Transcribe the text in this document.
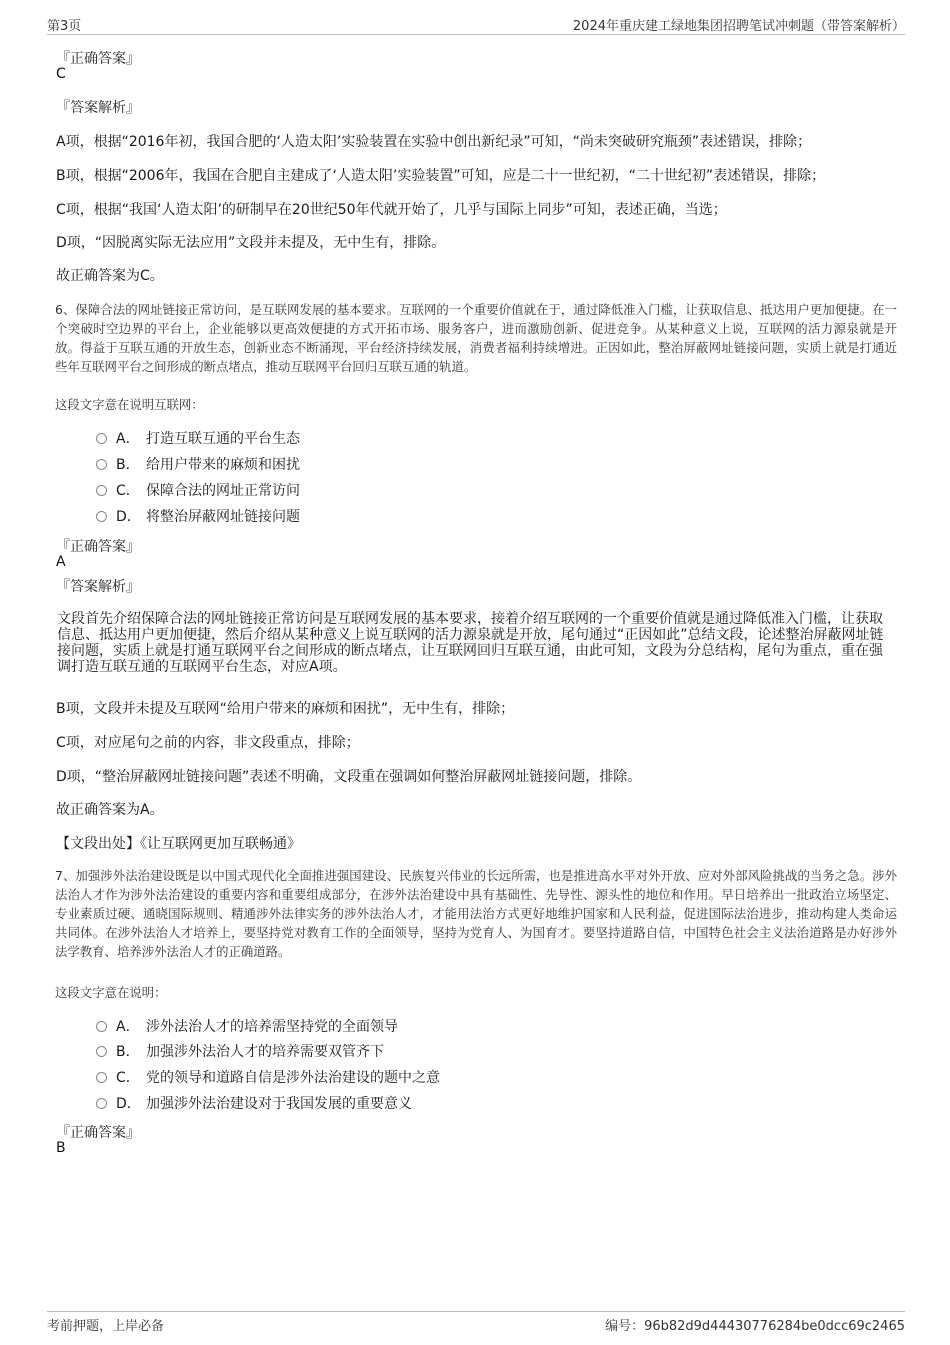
第3页	2024年重庆建工绿地集团招聘笔试冲刺题（带答案解析）
『正确答案』
C
『答案解析』
A项，根据“2016年初，我国合肥的‘人造太阳’实验装置在实验中创出新纪录”可知，“尚未突破研究瓶颈”表述错误，排除；
B项，根据“2006年，我国在合肥自主建成了‘人造太阳’实验装置”可知，应是二十一世纪初，“二十世纪初”表述错误，排除；
C项，根据“我国‘人造太阳’的研制早在20世纪50年代就开始了，几乎与国际上同步”可知，表述正确，当选；
D项，“因脱离实际无法应用”文段并未提及，无中生有，排除。
故正确答案为C。
6、保障合法的网址链接正常访问，是互联网发展的基本要求。互联网的一个重要价值就在于，通过降低准入门槛，让获取信息、抵达用户更加便捷。在一个突破时空边界的平台上，企业能够以更高效便捷的方式开拓市场、服务客户，进而激励创新、促进竞争。从某种意义上说，互联网的活力源泉就是开放。得益于互联互通的开放生态，创新业态不断涌现，平台经济持续发展，消费者福利持续增进。正因如此，整治屏蔽网址链接问题，实质上就是打通近些年互联网平台之间形成的断点堵点，推动互联网平台回归互联互通的轨道。
这段文字意在说明互联网：
A． 打造互联互通的平台生态
B． 给用户带来的麻烦和困扰
C． 保障合法的网址正常访问
D． 将整治屏蔽网址链接问题
『正确答案』
A
『答案解析』
文段首先介绍保障合法的网址链接正常访问是互联网发展的基本要求，接着介绍互联网的一个重要价值就是通过降低准入门槛，让获取信息、抵达用户更加便捷，然后介绍从某种意义上说互联网的活力源泉就是开放，尾句通过“正因如此”总结文段，论述整治屏蔽网址链接问题，实质上就是打通互联网平台之间形成的断点堵点，让互联网回归互联互通，由此可知，文段为分总结构，尾句为重点，重在强调打造互联互通的互联网平台生态，对应A项。
B项，文段并未提及互联网“给用户带来的麻烦和困扰”，无中生有，排除；
C项，对应尾句之前的内容，非文段重点，排除；
D项，“整治屏蔽网址链接问题”表述不明确，文段重在强调如何整治屏蔽网址链接问题，排除。
故正确答案为A。
【文段出处】《让互联网更加互联畅通》
7、加强涉外法治建设既是以中国式现代化全面推进强国建设、民族复兴伟业的长远所需，也是推进高水平对外开放、应对外部风险挑战的当务之急。涉外法治人才作为涉外法治建设的重要内容和重要组成部分，在涉外法治建设中具有基础性、先导性、源头性的地位和作用。早日培养出一批政治立场坚定、专业素质过硬、通晓国际规则、精通涉外法律实务的涉外法治人才，才能用法治方式更好地维护国家和人民利益，促进国际法治进步，推动构建人类命运共同体。在涉外法治人才培养上，要坚持党对教育工作的全面领导，坚持为党育人、为国育才。要坚持道路自信，中国特色社会主义法治道路是办好涉外法学教育、培养涉外法治人才的正确道路。
这段文字意在说明：
A． 涉外法治人才的培养需坚持党的全面领导
B． 加强涉外法治人才的培养需要双管齐下
C． 党的领导和道路自信是涉外法治建设的题中之意
D． 加强涉外法治建设对于我国发展的重要意义
『正确答案』
B
考前押题，上岸必备	编号：96b82d9d44430776284be0dcc69c2465
